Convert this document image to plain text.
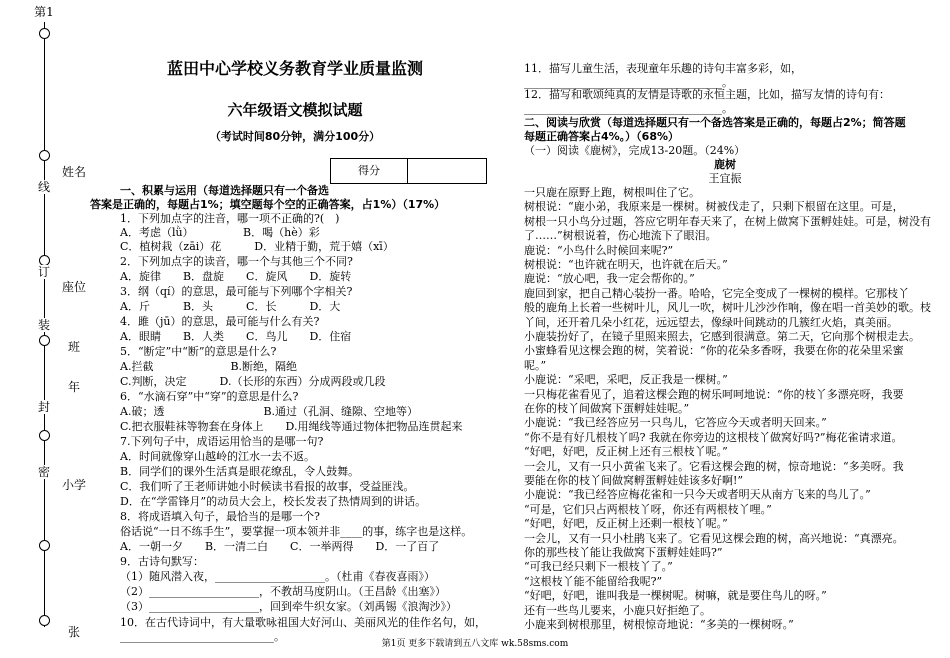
第1
姓名
线
座位
订
装
班
年
封
小学
密
张
蓝田中心学校义务教育学业质量监测
六年级语文模拟试题
（考试时间80分钟，满分100分）
一、积累与运用（每道选择题只有一个备选
答案是正确的，每题占1%；填空题每个空的正确答案，占1%）（17%）
1．下列加点字的注音，哪一项不正确的?(　)
A．考虑（lǜ）　　　　　B．喝（hè）彩
C．植树栽（zāi）花　　　D．业精于勤，荒于嬉（xī）
2．下列加点字的读音，哪一个与其他三个不同?
A．旋律　　B．盘旋　　C．旋风　　D．旋转
3．纲（qí）的意思，最可能与下列哪个字相关?
A．斤　　　B．头　　　C．长　　　D．大
4．雎（jū）的意思，最可能与什么有关?
A．眼睛　　B．人类　　C．鸟儿　　D．住宿
5．“断定”中“断”的意思是什么?
A.拦截　　　　　　　B.断绝，隔绝
C.判断，决定　　　D.（长形的东西）分成两段或几段
6．“水滴石穿”中“穿”的意思是什么?
A.破；透　　　　　　　　　B.通过（孔洞、缝隙、空地等）
C.把衣服鞋袜等物套在身体上　　D.用绳线等通过物体把物品连贯起来
7.下列句子中，成语运用恰当的是哪一句?
A．时间就像穿山越岭的江水一去不返。
B．同学们的课外生活真是眼花缭乱，令人鼓舞。
C．我们听了王老师讲她小时候读书看报的故事，受益匪浅。
D．在“学雷锋月”的动员大会上，校长发表了热情周到的讲话。
8．将成语填入句子，最恰当的是哪一个?
俗话说“一日不练手生”，要掌握一项本领并非____的事，练字也是这样。
A．一朝一夕　　B．一清二白　　C．一举两得　　D．一了百了
9．古诗句默写：
（1）随风潜入夜，____________________。（杜甫《春夜喜雨》）
（2）____________________，不教胡马度阴山。（王昌龄《出塞》）
（3）____________________，回到牵牛织女家。（刘禹锡《浪淘沙》）
10．在古代诗词中，有大量歌咏祖国大好河山、美丽风光的佳作名句，如，
____________________________。
得分
11．描写儿童生活，表现童年乐趣的诗句丰富多彩，如，
____________________________________。
12．描写和歌颂纯真的友情是诗歌的永恒主题，比如，描写友情的诗句有：
____________________________________。
二、阅读与欣赏（每道选择题只有一个备选答案是正确的，每题占2%；简答题
每题正确答案占4%。）（68%）
（一）阅读《鹿树》，完成13-20题。（24%）
鹿树
王宜振
一只鹿在原野上跑，树根叫住了它。
树根说：“鹿小弟，我原来是一棵树。树被伐走了，只剩下根留在这里。可是，
树根一只小鸟分过题，答应它明年春天来了，在树上做窝下蛋孵娃娃。可是，树没有
了……”树根说着，伤心地流下了眼泪。
鹿说：“小鸟什么时候回来呢?”
树根说：“也许就在明天，也许就在后天。”
鹿说：“放心吧，我一定会帮你的。”
鹿回到家，把自己精心装扮一番。哈哈，它完全变成了一棵树的模样。它那枝丫
般的鹿角上长着一些树叶儿，风儿一吹，树叶儿沙沙作响，像在唱一首美妙的歌。枝
丫间，还开着几朵小红花，远远望去，像绿叶间跳动的几簇红火焰，真美丽。
小鹿装扮好了，在镜子里照来照去，它感到很满意。第二天，它向那个树根走去。
小蜜蜂看见这棵会跑的树，笑着说：“你的花朵多香呀，我要在你的花朵里采蜜
呢。”
小鹿说：“采吧，采吧，反正我是一棵树。”
一只梅花雀看见了，追着这棵会跑的树乐呵呵地说：“你的枝丫多漂亮呀，我要
在你的枝丫间做窝下蛋孵娃娃呢。”
小鹿说：“我已经答应另一只鸟儿，它答应今天或者明天回来。”
“你不是有好几根枝丫吗? 我就在你旁边的这根枝丫做窝好吗?”梅花雀请求道。
“好吧，好吧，反正树上还有三根枝丫呢。”
一会儿，又有一只小黄雀飞来了。它看这棵会跑的树，惊奇地说：“多美呀。我
要能在你的枝丫间做窝孵蛋孵娃娃该多好啊!”
小鹿说：“我已经答应梅花雀和一只今天或者明天从南方飞来的鸟儿了。”
“可是，它们只占两根枝丫呀，你还有两根枝丫哩。”
“好吧，好吧，反正树上还剩一根枝丫呢。”
一会儿，又有一只小杜鹃飞来了。它看见这棵会跑的树，高兴地说：“真漂亮。
你的那些枝丫能让我做窝下蛋孵娃娃吗?”
“可我已经只剩下一根枝丫了。”
“这根枝丫能不能留给我呢?”
“好吧，好吧，谁叫我是一棵树呢。树嘛，就是要住鸟儿的呀。”
还有一些鸟儿要来，小鹿只好拒绝了。
小鹿来到树根那里，树根惊奇地说：“多美的一棵树呀。”
第1页 更多下载请到五八文库 wk.58sms.com
